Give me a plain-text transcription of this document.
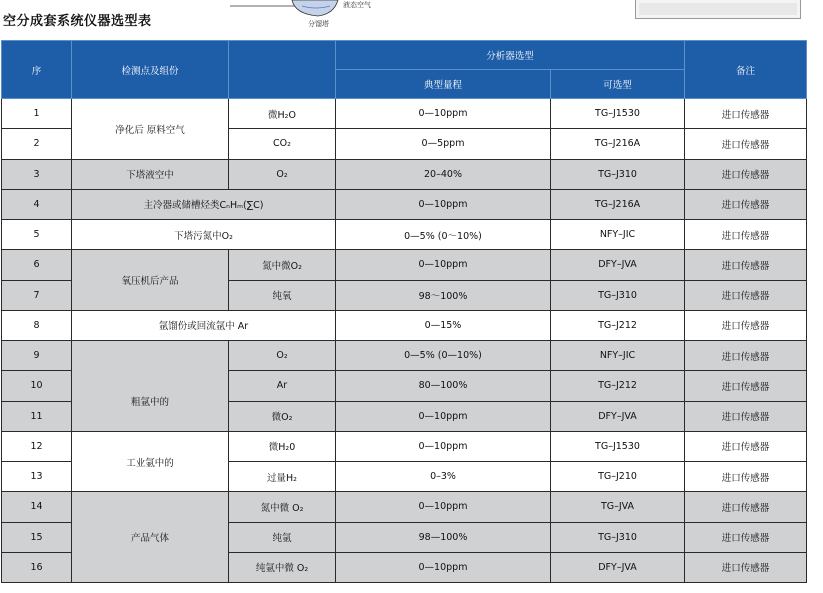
空分成套系统仪器选型表
液态空气
分馏塔
序	检测点及组份		分析器选型		备注
			典型量程	可选型	
1	净化后 原料空气	微H₂O	0—10ppm	TG–J1530	进口传感器
2		CO₂	0—5ppm	TG–J216A	进口传感器
3	下塔液空中	O₂	20–40%	TG–J310	进口传感器
4	主冷器或储槽烃类CₙHₘ(∑C)		0—10ppm	TG–J216A	进口传感器
5	下塔污氮中O₂		0—5% (0～10%)	NFY–JIC	进口传感器
6	氧压机后产品	氮中微O₂	0—10ppm	DFY–JVA	进口传感器
7		纯氧	98～100%	TG–J310	进口传感器
8	氩馏份或回流氩中 Ar		0—15%	TG–J212	进口传感器
9	粗氩中的	O₂	0—5% (0—10%)	NFY–JIC	进口传感器
10		Ar	80—100%	TG–J212	进口传感器
11		微O₂	0—10ppm	DFY–JVA	进口传感器
12	工业氩中的	微H₂0	0—10ppm	TG–J1530	进口传感器
13		过量H₂	0–3%	TG–J210	进口传感器
14	产品气体	氮中微 O₂	0—10ppm	TG–JVA	进口传感器
15		纯氩	98—100%	TG–J310	进口传感器
16		纯氩中微 O₂	0—10ppm	DFY–JVA	进口传感器
